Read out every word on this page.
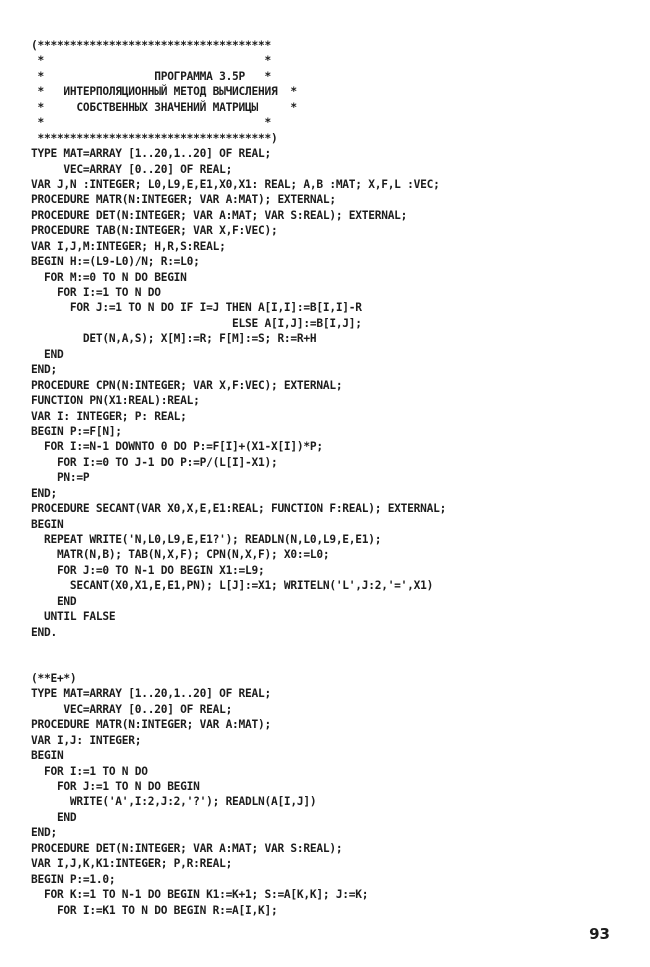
(************************************
*                                  *
*                 ПРОГРАММА 3.5P   *
*   ИНТЕРПОЛЯЦИОННЫЙ МЕТОД ВЫЧИСЛЕНИЯ  *
*     СОБСТВЕННЫХ ЗНАЧЕНИЙ МАТРИЦЫ     *
*                                  *
************************************)
TYPE MAT=ARRAY [1..20,1..20] OF REAL;
VEC=ARRAY [0..20] OF REAL;
VAR J,N :INTEGER; L0,L9,E,E1,X0,X1: REAL; A,B :MAT; X,F,L :VEC;
PROCEDURE MATR(N:INTEGER; VAR A:MAT); EXTERNAL;
PROCEDURE DET(N:INTEGER; VAR A:MAT; VAR S:REAL); EXTERNAL;
PROCEDURE TAB(N:INTEGER; VAR X,F:VEC);
VAR I,J,M:INTEGER; H,R,S:REAL;
BEGIN H:=(L9-L0)/N; R:=L0;
FOR M:=0 TO N DO BEGIN
FOR I:=1 TO N DO
FOR J:=1 TO N DO IF I=J THEN A[I,I]:=B[I,I]-R
ELSE A[I,J]:=B[I,J];
DET(N,A,S); X[M]:=R; F[M]:=S; R:=R+H
END
END;
PROCEDURE CPN(N:INTEGER; VAR X,F:VEC); EXTERNAL;
FUNCTION PN(X1:REAL):REAL;
VAR I: INTEGER; P: REAL;
BEGIN P:=F[N];
FOR I:=N-1 DOWNTO 0 DO P:=F[I]+(X1-X[I])*P;
FOR I:=0 TO J-1 DO P:=P/(L[I]-X1);
PN:=P
END;
PROCEDURE SECANT(VAR X0,X,E,E1:REAL; FUNCTION F:REAL); EXTERNAL;
BEGIN
REPEAT WRITE('N,L0,L9,E,E1?'); READLN(N,L0,L9,E,E1);
MATR(N,B); TAB(N,X,F); CPN(N,X,F); X0:=L0;
FOR J:=0 TO N-1 DO BEGIN X1:=L9;
SECANT(X0,X1,E,E1,PN); L[J]:=X1; WRITELN('L',J:2,'=',X1)
END
UNTIL FALSE
END.
(**E+*)
TYPE MAT=ARRAY [1..20,1..20] OF REAL;
VEC=ARRAY [0..20] OF REAL;
PROCEDURE MATR(N:INTEGER; VAR A:MAT);
VAR I,J: INTEGER;
BEGIN
FOR I:=1 TO N DO
FOR J:=1 TO N DO BEGIN
WRITE('A',I:2,J:2,'?'); READLN(A[I,J])
END
END;
PROCEDURE DET(N:INTEGER; VAR A:MAT; VAR S:REAL);
VAR I,J,K,K1:INTEGER; P,R:REAL;
BEGIN P:=1.0;
FOR K:=1 TO N-1 DO BEGIN K1:=K+1; S:=A[K,K]; J:=K;
FOR I:=K1 TO N DO BEGIN R:=A[I,K];
93
